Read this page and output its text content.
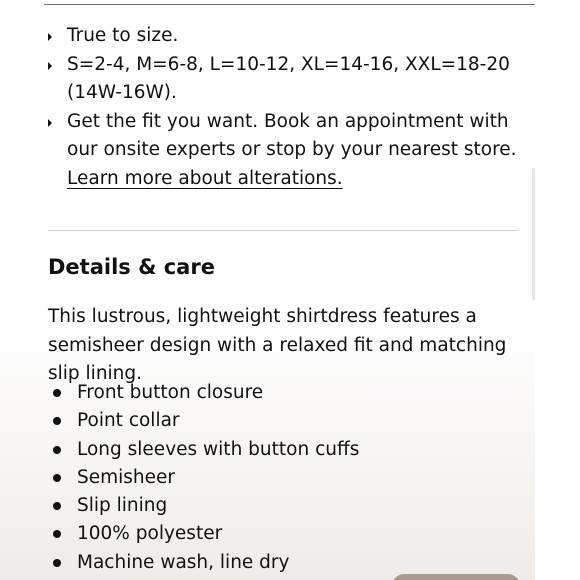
True to size.
S=2-4, M=6-8, L=10-12, XL=14-16, XXL=18-20 (14W-16W).
Get the fit you want. Book an appointment with our onsite experts or stop by your nearest store.
Learn more about alterations.
Details & care

This lustrous, lightweight shirtdress features a semisheer design with a relaxed fit and matching slip lining.

Front button closure
Point collar
Long sleeves with button cuffs
Semisheer
Slip lining
100% polyester
Machine wash, line dry
